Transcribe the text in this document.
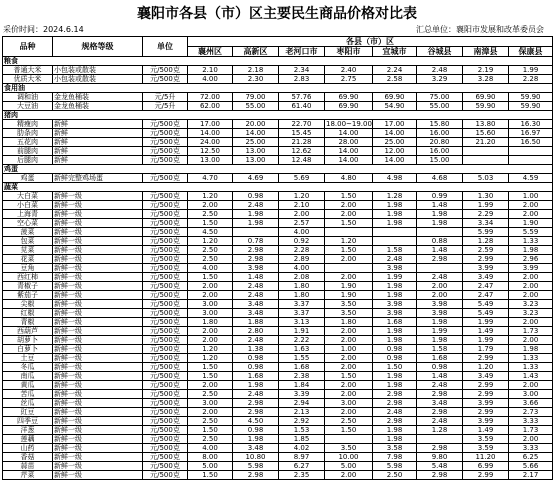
襄阳市各县（市）区主要民生商品价格对比表
采价时间：2024.6.14	汇总单位：襄阳市发展和改革委员会
品种	规格等级	单位	各县（市）区							
			襄州区	高新区	老河口市	枣阳市	宜城市	谷城县	南漳县	保康县
粮食										
普通大米	小包装或散装	元/500克	2.10	2.18	2.34	2.40	2.24	2.48	2.19	1.99
优质大米	小包装或散装	元/500克	4.00	2.30	2.83	2.75	2.58	3.29	3.28	2.28
食用油										
调和油	金龙鱼桶装	元/5升	72.00	79.00	57.76	69.90	69.90	75.00	69.90	59.90
大豆油	金龙鱼桶装	元/5升	62.00	55.00	61.40	69.90	54.90	55.00	59.90	59.90
猪肉										
精瘦肉	新鲜	元/500克	17.00	20.00	22.70	18.00~19.00	17.00	15.80	13.80	16.30
肋条肉	新鲜	元/500克	14.00	14.00	15.45	14.00	14.00	16.00	15.60	16.97
五花肉	新鲜	元/500克	24.00	25.00	21.28	28.00	25.00	20.80	21.20	16.50
前腿肉	新鲜	元/500克	12.50	13.00	12.62	14.00	12.00	16.00		
后腿肉	新鲜	元/500克	13.00	13.00	12.48	14.00	14.00	15.00		
鸡蛋										
鸡蛋	新鲜完整鸡场蛋	元/500克	4.70	4.69	5.69	4.80	4.98	4.68	5.03	4.59
蔬菜										
大白菜	新鲜一级	元/500克	1.20	0.98	1.20	1.50	1.28	0.99	1.30	1.00
小白菜	新鲜一级	元/500克	2.00	2.48	2.10	2.00	1.98	1.48	1.99	2.00
上海青	新鲜一级	元/500克	2.50	1.98	2.00	2.00	1.98	1.98	2.29	2.00
空心菜	新鲜一级	元/500克	1.50	1.98	2.57	1.50	1.98	1.98	3.34	1.90
菠菜	新鲜一级	元/500克	4.50		4.00				5.99	5.59
包菜	新鲜一级	元/500克	1.20	0.78	0.92	1.20		0.88	1.28	1.33
苋菜	新鲜一级	元/500克	2.50	2.98	2.28	1.50	1.58	1.48	2.59	1.98
花菜	新鲜一级	元/500克	2.50	2.98	2.89	2.00	2.48	2.98	2.99	2.96
豆角	新鲜一级	元/500克	4.00	3.98	4.00		3.98		3.99	3.99
西红柿	新鲜一级	元/500克	1.50	1.48	2.08	2.00	1.99	2.48	3.49	2.00
青椒子	新鲜一级	元/500克	2.00	2.48	1.80	1.90	1.98	2.00	2.47	2.00
紫茄子	新鲜一级	元/500克	2.00	2.48	1.80	1.90	1.98	2.00	2.47	2.00
尖椒	新鲜一级	元/500克	3.00	3.48	3.37	3.50	3.98	3.98	5.49	3.23
红椒	新鲜一级	元/500克	3.00	3.48	3.37	3.50	3.98	3.98	5.49	3.23
青椒	新鲜一级	元/500克	1.80	1.88	3.13	1.80	1.68	1.98	1.99	2.00
西葫芦	新鲜一级	元/500克	2.00	2.80	1.91	2.00	1.98	1.99	1.49	1.73
胡萝卜	新鲜一级	元/500克	2.00	2.48	2.22	2.00	1.98	1.98	1.99	2.00
白萝卜	新鲜一级	元/500克	1.20	1.38	1.63	1.00	0.98	1.58	1.79	1.98
土豆	新鲜一级	元/500克	1.20	0.98	1.55	2.00	0.98	1.68	2.99	1.33
冬瓜	新鲜一级	元/500克	1.50	0.98	1.68	2.00	1.50	0.98	1.20	1.33
南瓜	新鲜一级	元/500克	1.50	1.68	2.38	1.50	1.98	1.48	3.49	1.43
黄瓜	新鲜一级	元/500克	2.00	1.98	1.84	2.00	1.98	2.48	2.99	2.00
苦瓜	新鲜一级	元/500克	2.50	2.48	3.39	2.00	2.98	2.98	2.99	3.00
丝瓜	新鲜一级	元/500克	3.00	2.98	2.94	3.00	2.98	3.48	3.99	3.66
豇豆	新鲜一级	元/500克	2.00	2.98	2.13	2.00	2.48	2.98	2.99	2.73
四季豆	新鲜一级	元/500克	2.50	4.50	2.92	2.50	2.98	2.48	3.99	3.33
洋葱	新鲜一级	元/500克	1.50	0.98	1.53	1.50	1.98	1.28	1.49	1.73
莲藕	新鲜一级	元/500克	2.50	1.98	1.85		1.98		3.59	2.00
山药	新鲜一级	元/500克	4.00	3.48	4.02	3.50	3.58	2.98	3.59	3.33
香菇	新鲜一级	元/500克	8.00	10.80	8.97	10.00	7.98	9.80	11.20	6.25
蒜苗	新鲜一级	元/500克	5.00	5.98	6.27	5.00	5.98	5.48	6.99	5.66
芹菜	新鲜一级	元/500克	1.50	2.98	2.35	2.00	2.50	2.98	2.99	2.17
